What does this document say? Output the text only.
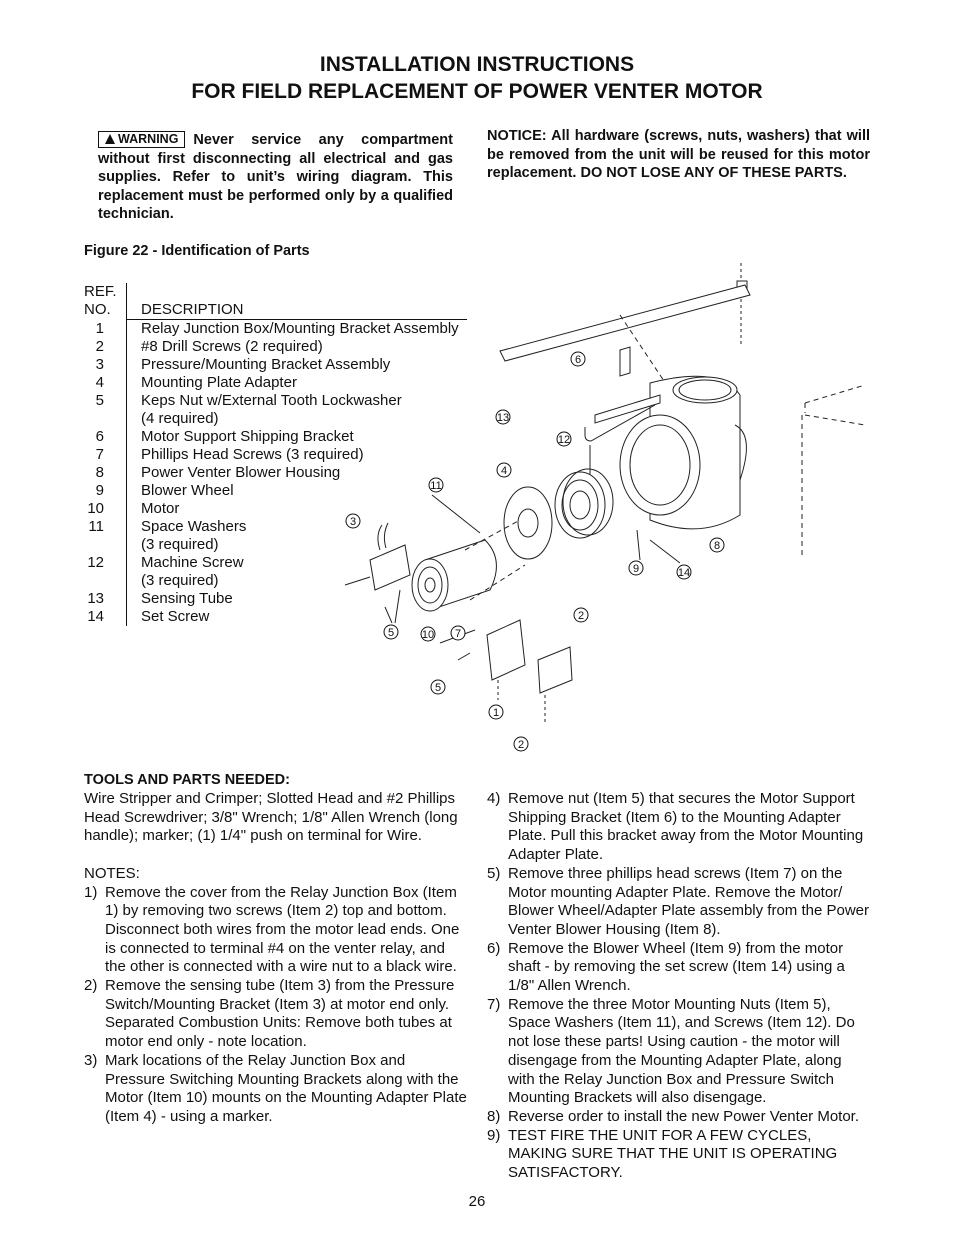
INSTALLATION INSTRUCTIONS
FOR FIELD REPLACEMENT OF POWER VENTER MOTOR
WARNING Never service any compartment without first disconnecting all electrical and gas supplies. Refer to unit’s wiring diagram. This replacement must be performed only by a qualified technician.
NOTICE: All hardware (screws, nuts, washers) that will be removed from the unit will be reused for this motor replacement. DO NOT LOSE ANY OF THESE PARTS.
Figure 22 - Identification of Parts
REF.
NO.	DESCRIPTION
1 Relay Junction Box/Mounting Bracket Assembly
2 #8 Drill Screws (2 required)
3 Pressure/Mounting Bracket Assembly
4 Mounting Plate Adapter
5 Keps Nut w/External Tooth Lockwasher
(4 required)
6 Motor Support Shipping Bracket
7 Phillips Head Screws (3 required)
8 Power Venter Blower Housing
9 Blower Wheel
10 Motor
11 Space Washers
(3 required)
12 Machine Screw
(3 required)
13 Sensing Tube
14 Set Screw
6
13
12
4
11
3
8
9	14
2
5	10 7
5
1
2
TOOLS AND PARTS NEEDED:

Wire Stripper and Crimper; Slotted Head and #2 Phillips Head Screwdriver; 3/8" Wrench; 1/8" Allen Wrench (long handle); marker; (1) 1/4" push on terminal for Wire.

NOTES:

1) Remove the cover from the Relay Junction Box (Item 1) by removing two screws (Item 2) top and bottom. Disconnect both wires from the motor lead ends. One is connected to terminal #4 on the venter relay, and the other is connected with a wire nut to a black wire.
2) Remove the sensing tube (Item 3) from the Pressure Switch/Mounting Bracket (Item 3) at motor end only. Separated Combustion Units: Remove both tubes at motor end only - note location.
3) Mark locations of the Relay Junction Box and Pressure Switching Mounting Brackets along with the Motor (Item 10) mounts on the Mounting Adapter Plate (Item 4) - using a marker.
4) Remove nut (Item 5) that secures the Motor Support Shipping Bracket (Item 6) to the Mounting Adapter Plate. Pull this bracket away from the Motor Mounting Adapter Plate.
5) Remove three phillips head screws (Item 7) on the Motor mounting Adapter Plate. Remove the Motor/ Blower Wheel/Adapter Plate assembly from the Power Venter Blower Housing (Item 8).
6) Remove the Blower Wheel (Item 9) from the motor shaft - by removing the set screw (Item 14) using a 1/8" Allen Wrench.
7) Remove the three Motor Mounting Nuts (Item 5), Space Washers (Item 11), and Screws (Item 12). Do not lose these parts! Using caution - the motor will disengage from the Mounting Adapter Plate, along with the Relay Junction Box and Pressure Switch Mounting Brackets will also disengage.
8) Reverse order to install the new Power Venter Motor.
9) TEST FIRE THE UNIT FOR A FEW CYCLES, MAKING SURE THAT THE UNIT IS OPERATING SATISFACTORY.
26
